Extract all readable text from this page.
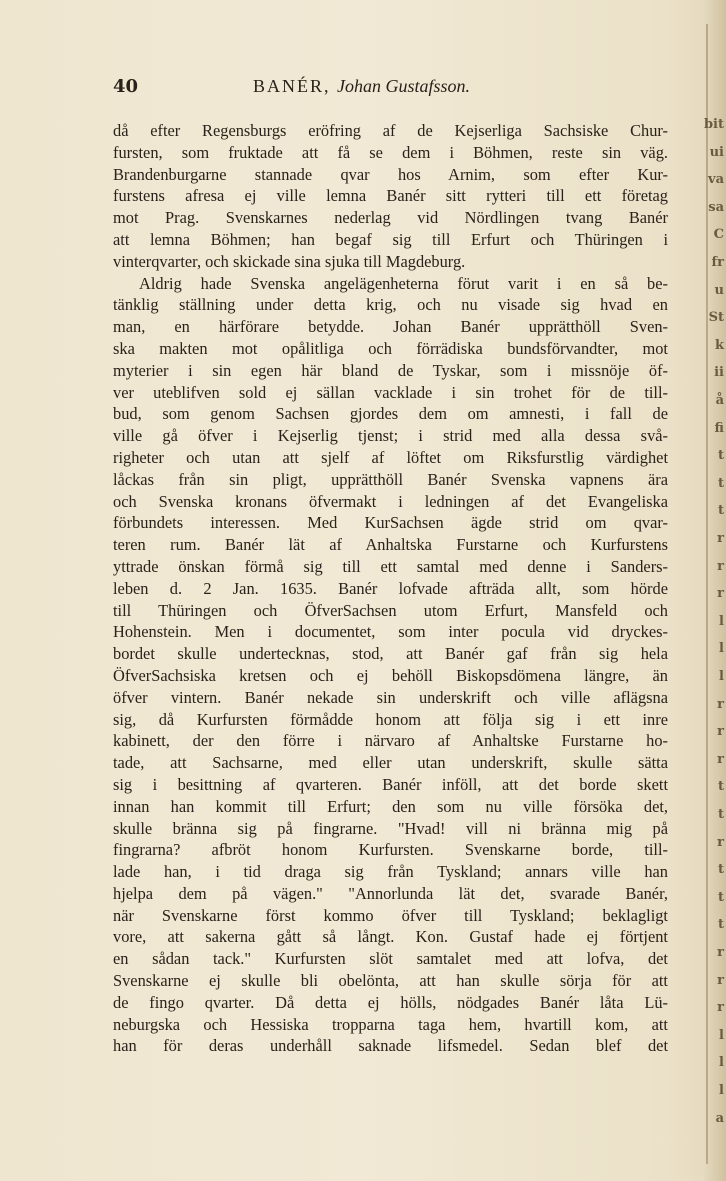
bit
ui
va
sa
C
fr
u
St
k
ii
å
fi
t
t
t
r
r
r
l
l
l
r
r
r
t
t
r
t
t
t
r
r
r
l
l
l
a
40	BANÉR, Johan Gustafsson.
då efter Regensburgs eröfring af de Kejserliga Sachsiske Chur-
fursten, som fruktade att få se dem i Böhmen, reste sin väg.
Brandenburgarne stannade qvar hos Arnim, som efter Kur-
furstens afresa ej ville lemna Banér sitt rytteri till ett företag
mot Prag. Svenskarnes nederlag vid Nördlingen tvang Banér
att lemna Böhmen; han begaf sig till Erfurt och Thüringen i
vinterqvarter, och skickade sina sjuka till Magdeburg.
Aldrig hade Svenska angelägenheterna förut varit i en så be-
tänklig ställning under detta krig, och nu visade sig hvad en
man, en härförare betydde. Johan Banér upprätthöll Sven-
ska makten mot opålitliga och förrädiska bundsförvandter, mot
myterier i sin egen här bland de Tyskar, som i missnöje öf-
ver uteblifven sold ej sällan vacklade i sin trohet för de till-
bud, som genom Sachsen gjordes dem om amnesti, i fall de
ville gå öfver i Kejserlig tjenst; i strid med alla dessa svå-
righeter och utan att sjelf af löftet om Riksfurstlig värdighet
låckas från sin pligt, upprätthöll Banér Svenska vapnens ära
och Svenska kronans öfvermakt i ledningen af det Evangeliska
förbundets interessen. Med KurSachsen ägde strid om qvar-
teren rum. Banér lät af Anhaltska Furstarne och Kurfurstens
yttrade önskan förmå sig till ett samtal med denne i Sanders-
leben d. 2 Jan. 1635. Banér lofvade afträda allt, som hörde
till Thüringen och ÖfverSachsen utom Erfurt, Mansfeld och
Hohenstein. Men i documentet, som inter pocula vid dryckes-
bordet skulle undertecknas, stod, att Banér gaf från sig hela
ÖfverSachsiska kretsen och ej behöll Biskopsdömena längre, än
öfver vintern. Banér nekade sin underskrift och ville aflägsna
sig, då Kurfursten förmådde honom att följa sig i ett inre
kabinett, der den förre i närvaro af Anhaltske Furstarne ho-
tade, att Sachsarne, med eller utan underskrift, skulle sätta
sig i besittning af qvarteren. Banér inföll, att det borde skett
innan han kommit till Erfurt; den som nu ville försöka det,
skulle bränna sig på fingrarne. "Hvad! vill ni bränna mig på
fingrarna? afbröt honom Kurfursten. Svenskarne borde, till-
lade han, i tid draga sig från Tyskland; annars ville han
hjelpa dem på vägen." "Annorlunda lät det, svarade Banér,
när Svenskarne först kommo öfver till Tyskland; beklagligt
vore, att sakerna gått så långt. Kon. Gustaf hade ej förtjent
en sådan tack." Kurfursten slöt samtalet med att lofva, det
Svenskarne ej skulle bli obelönta, att han skulle sörja för att
de fingo qvarter. Då detta ej hölls, nödgades Banér låta Lü-
neburgska och Hessiska tropparna taga hem, hvartill kom, att
han för deras underhåll saknade lifsmedel. Sedan blef det
